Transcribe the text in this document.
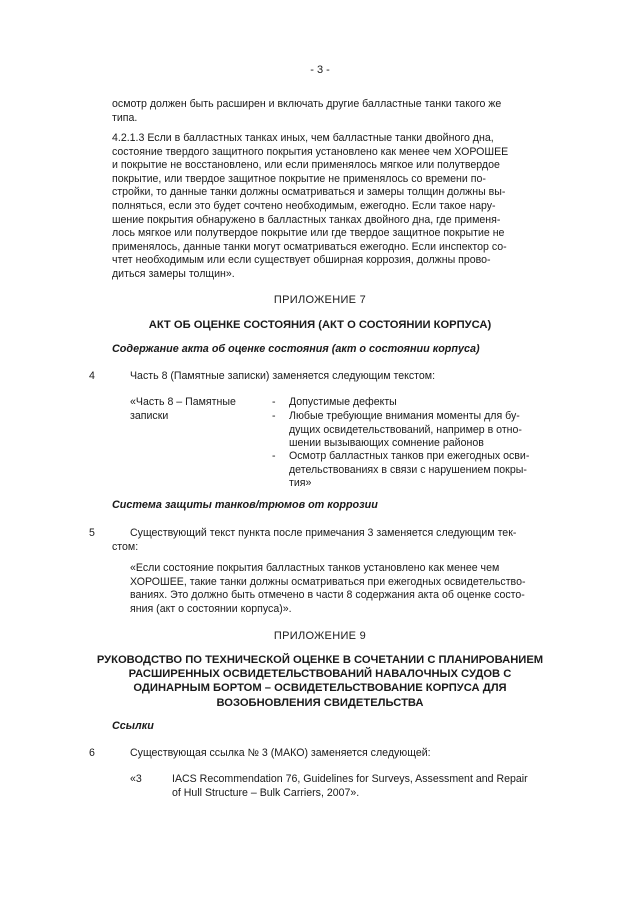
- 3 -
осмотр должен быть расширен и включать другие балластные танки такого же
типа.
4.2.1.3 Если в балластных танках иных, чем балластные танки двойного дна,
состояние твердого защитного покрытия установлено как менее чем ХОРОШЕЕ
и покрытие не восстановлено, или если применялось мягкое или полутвердое
покрытие, или твердое защитное покрытие не применялось со времени по-
стройки, то данные танки должны осматриваться и замеры толщин должны вы-
полняться, если это будет сочтено необходимым, ежегодно. Если такое нару-
шение покрытия обнаружено в балластных танках двойного дна, где применя-
лось мягкое или полутвердое покрытие или где твердое защитное покрытие не
применялось, данные танки могут осматриваться ежегодно. Если инспектор со-
чтет необходимым или если существует обширная коррозия, должны прово-
диться замеры толщин».
ПРИЛОЖЕНИЕ 7
АКТ ОБ ОЦЕНКЕ СОСТОЯНИЯ (АКТ О СОСТОЯНИИ КОРПУСА)
Содержание акта об оценке состояния (акт о состоянии корпуса)
4	Часть 8 (Памятные записки) заменяется следующим текстом:
«Часть 8 – Памятные
записки
- Допустимые дефекты
- Любые требующие внимания моменты для бу-
дущих освидетельствований, например в отно-
шении вызывающих сомнение районов
- Осмотр балластных танков при ежегодных осви-
детельствованиях в связи с нарушением покры-
тия»
Система защиты танков/трюмов от коррозии
5	Существующий текст пункта после примечания 3 заменяется следующим тек-
стом:
«Если состояние покрытия балластных танков установлено как менее чем
ХОРОШЕЕ, такие танки должны осматриваться при ежегодных освидетельство-
ваниях. Это должно быть отмечено в части 8 содержания акта об оценке состо-
яния (акт о состоянии корпуса)».
ПРИЛОЖЕНИЕ 9
РУКОВОДСТВО ПО ТЕХНИЧЕСКОЙ ОЦЕНКЕ В СОЧЕТАНИИ С ПЛАНИРОВАНИЕМ
РАСШИРЕННЫХ ОСВИДЕТЕЛЬСТВОВАНИЙ НАВАЛОЧНЫХ СУДОВ С
ОДИНАРНЫМ БОРТОМ – ОСВИДЕТЕЛЬСТВОВАНИЕ КОРПУСА ДЛЯ
ВОЗОБНОВЛЕНИЯ СВИДЕТЕЛЬСТВА
Ссылки
6	Существующая ссылка № 3 (МАКО) заменяется следующей:
«3	IACS Recommendation 76, Guidelines for Surveys, Assessment and Repair
of Hull Structure – Bulk Carriers, 2007».
